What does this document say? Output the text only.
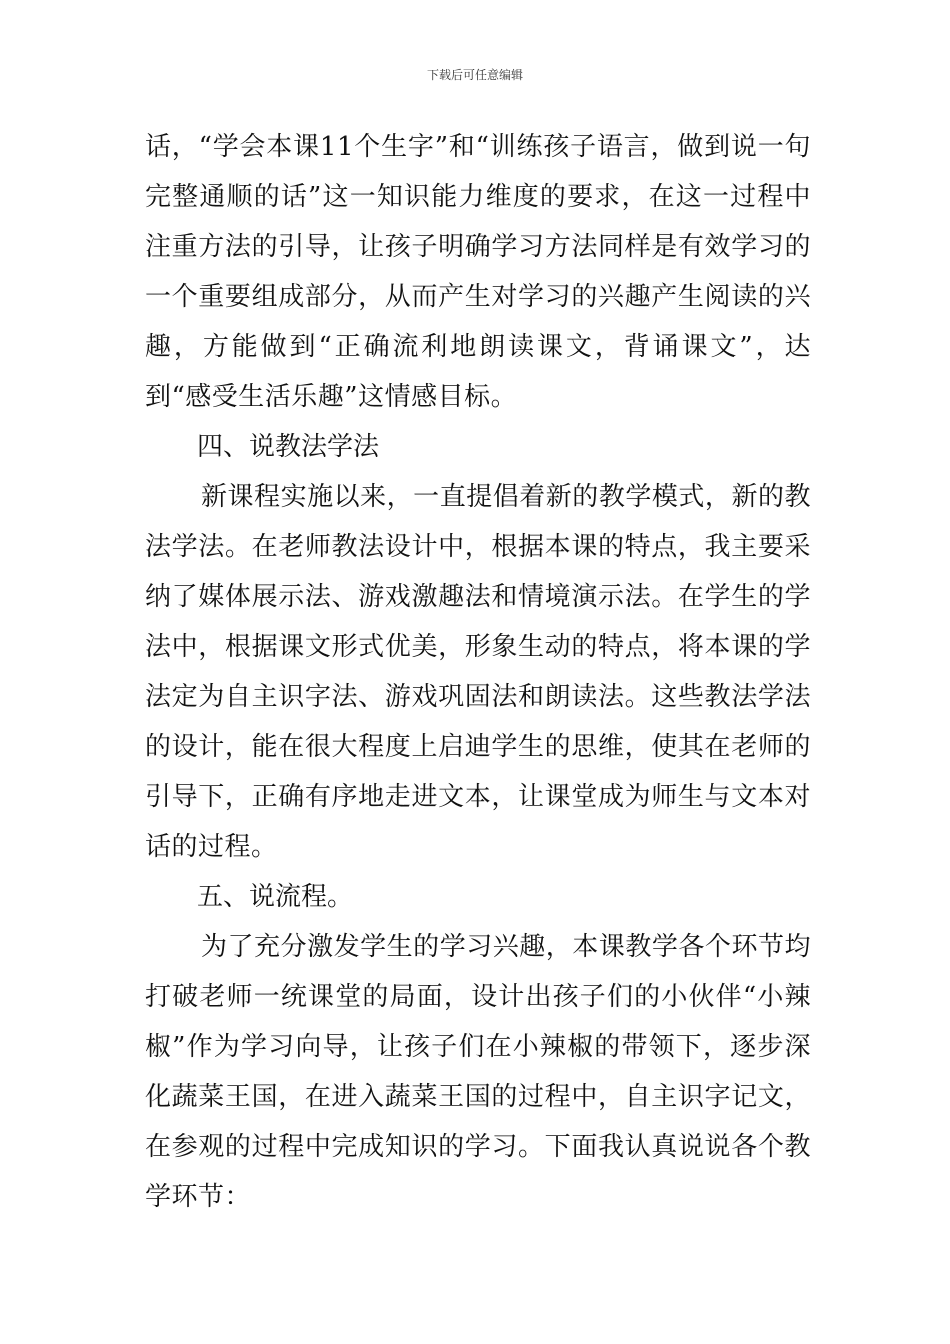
下载后可任意编辑

话，“学会本课11个生字”和“训练孩子语言，做到说一句完整通顺的话”这一知识能力维度的要求，在这一过程中注重方法的引导，让孩子明确学习方法同样是有效学习的一个重要组成部分，从而产生对学习的兴趣产生阅读的兴趣，方能做到“正确流利地朗读课文，背诵课文”，达到“感受生活乐趣”这情感目标。

四、说教法学法

新课程实施以来，一直提倡着新的教学模式，新的教法学法。在老师教法设计中，根据本课的特点，我主要采纳了媒体展示法、游戏激趣法和情境演示法。在学生的学法中，根据课文形式优美，形象生动的特点，将本课的学法定为自主识字法、游戏巩固法和朗读法。这些教法学法的设计，能在很大程度上启迪学生的思维，使其在老师的引导下，正确有序地走进文本，让课堂成为师生与文本对话的过程。

五、说流程。

为了充分激发学生的学习兴趣，本课教学各个环节均打破老师一统课堂的局面，设计出孩子们的小伙伴“小辣椒”作为学习向导，让孩子们在小辣椒的带领下，逐步深化蔬菜王国，在进入蔬菜王国的过程中，自主识字记文，在参观的过程中完成知识的学习。下面我认真说说各个教学环节：
